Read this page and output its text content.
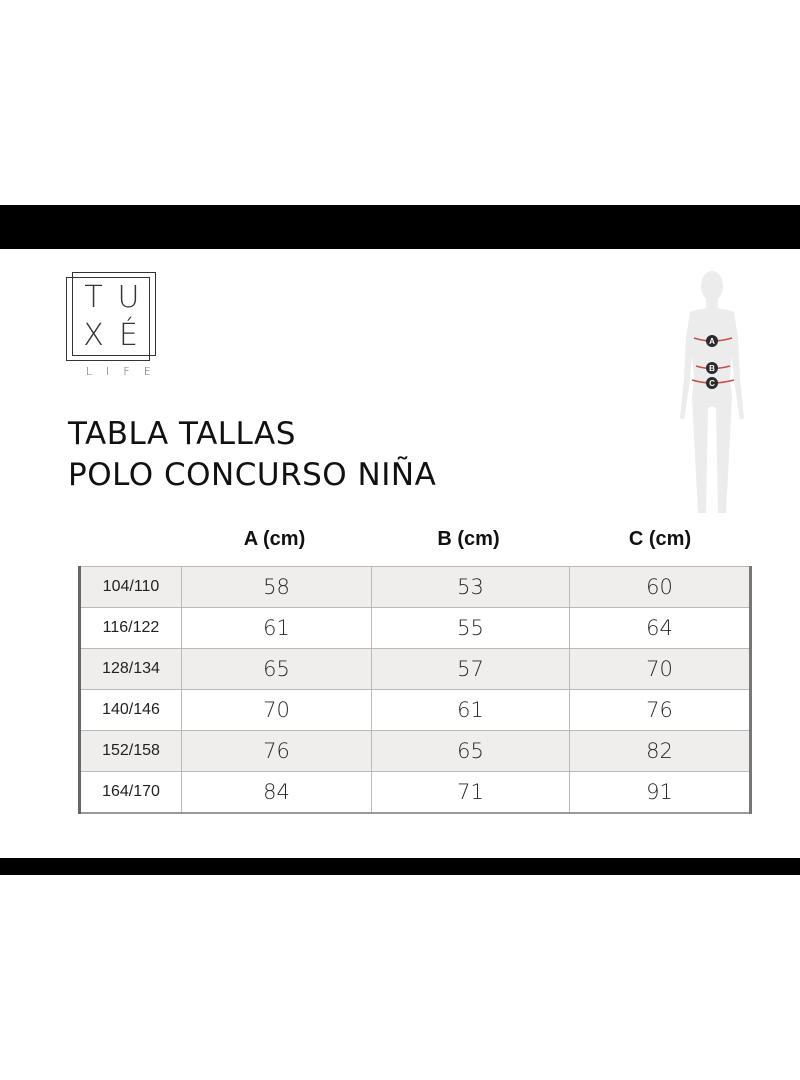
T U
X É
LIFE
TABLA TALLAS
POLO CONCURSO NIÑA
A
B
C
A (cm)	B (cm)	C (cm)
104/110	58	53	60
116/122	61	55	64
128/134	65	57	70
140/146	70	61	76
152/158	76	65	82
164/170	84	71	91
